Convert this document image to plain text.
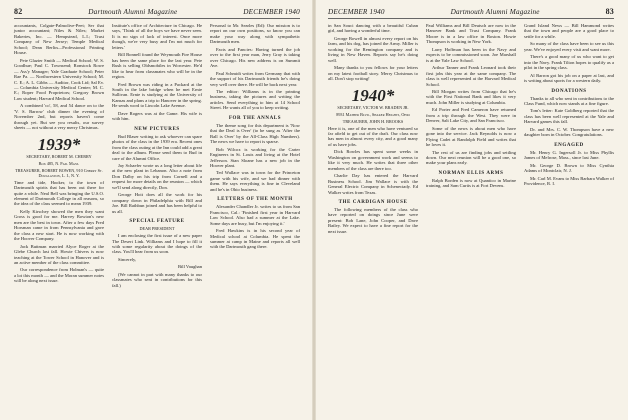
82	Dartmouth Alumni Magazine	DECEMBER 1940

accountants, Colgate-Palmolive-Peet; Ser that junior accountant; Niles & Niles; Market Bakeries, Inc. — Hempstead, L.I.; Trust Company of New Jersey; Temple Medical School; Dean Berlin—Professional Printing House.

Pete Glazier Smith — Medical School; W. S. Goodhue; Paul C. Townsend; Ronstock Rowe — Ass'y Manager; Yale Graduate School; Peter Rae Pa. — Northwestern University School; M. C. E.; A. L. Gibbs — Auditor, Cook Ltd; Sal Ev. — Columbia University Medical Center; M. C. E.; Roper Food Proprietors; Gregory Brown Law student; Harvard Medical School.

A combined 'co', 58, and 54 dance on to the 'V. S. Barrow' club dinner the evening of November 2nd, but reports haven't come through yet. But see you results, our survey sheets — not without a very merry Christmas.

1939*
SECRETARY, ROBERT M. CHERRY
Box 485, N. Pad. Mass.
TREASURER, ROBERT BOWEN, 910 Cherry St. Douglaston, L. I., N. Y.

Time and tide, Hooker, to the town of Dartmouth spirits that has been out there for quite a while. Neal Bell was bringing the U.S.O. element of Dartmouth College in all reasons, so the idea of the class seemed to mean 1939.

Kelly Kirschey showed the men they want Gross is good for me. Harvey Bowton's new men are the best in town. After a few days Fred Horsman came in from Pennsylvania and gave the class a new start. He is now working with the Hoover Company.

Jack Buttman married Alyce Roger at the Glebe Church last fall. Howie Chivers is now teaching at the Tower School in Hanover and is an active member of the class committee.

Our correspondence from Holman's — quite a lot this month — and the Moran summer notes will be along next issue.

Institute's office of Architecture in Chicago. He says, 'Think of all the boys we have never seen. It is no sign of lack of interest. Once more though, we're very busy and I'm not much for letters.'

Bill Bonnell found the Weymouth Fire House has been the same place for the last year. Pete Rush is selling Oldsmobiles in Worcester. He'd like to hear from classmates who will be in the region.

Fred Brown was riding in a Packard at the South in the lake bridge when he met Ernie Sullivan. Ernie is studying at the University of Kansas and plans a trip to Hanover in the spring. He sends word to Lincoln Lake Avenue.

Dave Rogers was at the Game. His wife is with him.

NEW PICTURES

Bud Blaser writing to ask whoever can spare photos of the class in the 1939 era. Recent ones from the class outing at the Inn could add a great deal to the album. Please send them to Bud in care of the Alumni Office.

Jay Schaefer wrote us a long letter about life at the new plant in Lebanon. Also a note from Don Dalby on his trip from Cornell and a request for more details on the reunion — which we'll send along directly, Don.

George Hoit does all the work for his company down in Philadelphia with Bill and Joe. Bill Rathbun joined and has been helpful to us all.

SPECIAL FEATURE
DEAR PRESIDENT

I am enclosing the first issue of a new paper The Desert Link. Williams and I hope to fill it with some regularity about the doings of the class. You'll hear from us soon.

Sincerely,

Bill Vaughan

(We cannot in part with many thanks to our classmates who sent in contributions for this fall.)

Personal to Mr. Searles (Ed): Our mission is to report on our own positions, so know you can make your way along with sympathetic Dartmouth men.

Facts and Fancies: Having turned the job over to the first year man, Jerry Gray is taking over Chicago. His new address is on Summit Ave.

Paul Schmidt writes from Germany that with the support of his Dartmouth friends he's doing very well over there. He will be back next year.

The editor: Williams is in the printing business, taking the pictures and writing the articles. Send everything to him at 14 School Street. He wants all of you to keep writing.

FOR THE ANNALS

The theme song for this department is 'Now that the Deal is Over' (to be sung as 'After the Ball is Over' by the All-Class High Numbers). The news we have to report is sparse.

Bob Wilcox is working for the Carter Engineers in St. Louis and living at the Hotel Jefferson. Stan Sloane has a new job in the Hoover plant.

Ted Wallace was in town for the Princeton game with his wife, and we had dinner with them. He says everything is fine in Cleveland and he's in Ohio business.

LETTERS OF THE MONTH

Alexander Chandler Jr. writes to us from San Francisco, Cal.: 'Finished first year in Harvard Law School. Also had a summer at the Lake. Some days are busy, but I'm enjoying it.'

Fred Hawkins is in his second year of Medical school at Columbia. He spent the summer at camp in Maine and reports all well with the Dartmouth gang there.

DECEMBER 1940	Dartmouth Alumni Magazine	83

in San Souci dancing with a beautiful Cuban girl, and having a wonderful time.

George Bowell in almost every report on his farm, and his dog, has joined the Army. Miller is working for the Remington company and is living in New Haven. Reports say he's doing well.

Many thanks to you fellows for your letters on my latest football story. Merry Christmas to all. Don't stop writing!

1940*
SECRETARY, VICTOR W. BRADEN JR.
8931 Mather Blvd., Shaker Heights, Ohio
TREASURER, JOHN H. BROOKS

Here it is, one of the men who have ventured so far afield to get out of the draft. Our class now has men in almost every city, and a good many of us have jobs.

Dick Rowles has spent some weeks in Washington on government work and seems to like it very much. He writes that three other members of the class are there too.

Charlie Day has entered the Harvard Business School. Jim Wallace is with the General Electric Company in Schenectady. Ed Walker writes from Texas.

THE CARDIGAN HOUSE

The following members of the class who have reported on doings since June were present: Bob Lane, John Cooper, and Dave Bailey. We expect to have a fine report for the next issue.

Paul Williams and Bill Deutsch are now in the Hanover Bank and Trust Company. Frank Moore is in a law office in Boston. Howie Thompson is working in New York.

Larry Hoffman has been in the Navy and expects to be commissioned soon. Joe Marshall is at the Yale Law School.

Arthur Tanner and Frank Leonard took their first jobs this year at the same company. The class is well represented at the Harvard Medical School.

Bill Morgan writes from Chicago that he's with the First National Bank and likes it very much. John Miller is studying at Columbia.

Ed Porter and Fred Cameron have returned from a trip through the West. They were in Denver, Salt Lake City, and San Francisco.

Some of the news is about men who have gone into the service. Jack Reynolds is now a Flying Cadet at Randolph Field and writes that he loves it.

The rest of us are finding jobs and settling down. Our next reunion will be a good one, so make your plans early.

NORMAN ELLIS ARMS

Ralph Borden is now at Quantico in Marine training, and Sam Curtis is at Fort Devens.

Grand Island News — Bill Hammond writes that the town and people are a good place to settle for a while.

So many of the class have been to see us this year. We've enjoyed every visit and want more.

There's a good many of us who want to get into the Navy. Frank Tilton hopes to qualify as a pilot in the spring class.

Al Barron got his job on a paper at last, and is writing about sports for a western daily.

DONATIONS

Thanks to all who sent in contributions to the Class Fund, which now stands at a fine figure.

Tom's letter: Kate Goldberg reported that the class has been well represented at the Yale and Harvard games this fall.

Dr. and Mrs. C. W. Thompson have a new daughter born in October. Congratulations.

ENGAGED

Mr. Henry G. Ingersoll Jr. to Miss Phyllis James of Melrose, Mass., since last June.

Mr. George D. Brown to Miss Cynthia Adams of Montclair, N. J.

Mr. Carl M. Evans to Miss Barbara Walker of Providence, R. I.
